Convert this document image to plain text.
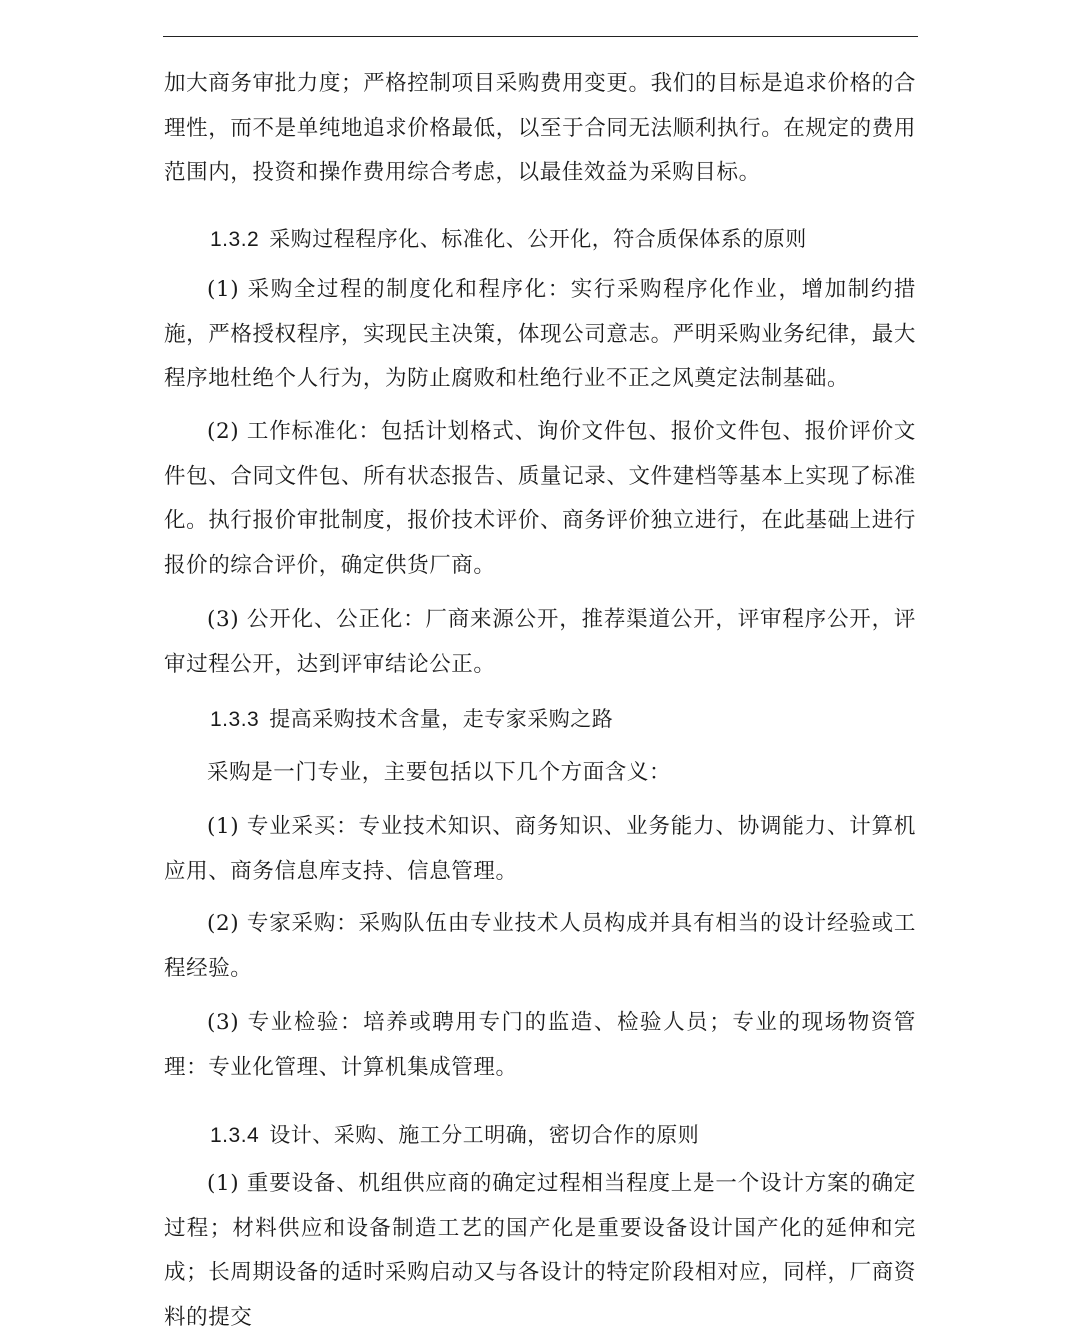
加大商务审批力度；严格控制项目采购费用变更。我们的目标是追求价格的合理性，而不是单纯地追求价格最低，以至于合同无法顺利执行。在规定的费用范围内，投资和操作费用综合考虑，以最佳效益为采购目标。

1.3.2 采购过程程序化、标准化、公开化，符合质保体系的原则

(1) 采购全过程的制度化和程序化：实行采购程序化作业，增加制约措施，严格授权程序，实现民主决策，体现公司意志。严明采购业务纪律，最大程序地杜绝个人行为，为防止腐败和杜绝行业不正之风奠定法制基础。

(2) 工作标准化：包括计划格式、询价文件包、报价文件包、报价评价文件包、合同文件包、所有状态报告、质量记录、文件建档等基本上实现了标准化。执行报价审批制度，报价技术评价、商务评价独立进行，在此基础上进行报价的综合评价，确定供货厂商。

(3) 公开化、公正化：厂商来源公开，推荐渠道公开，评审程序公开，评审过程公开，达到评审结论公正。

1.3.3 提高采购技术含量，走专家采购之路

采购是一门专业，主要包括以下几个方面含义：

(1) 专业采买：专业技术知识、商务知识、业务能力、协调能力、计算机应用、商务信息库支持、信息管理。

(2) 专家采购：采购队伍由专业技术人员构成并具有相当的设计经验或工程经验。

(3) 专业检验：培养或聘用专门的监造、检验人员；专业的现场物资管理：专业化管理、计算机集成管理。

1.3.4 设计、采购、施工分工明确，密切合作的原则

(1) 重要设备、机组供应商的确定过程相当程度上是一个设计方案的确定过程；材料供应和设备制造工艺的国产化是重要设备设计国产化的延伸和完成；长周期设备的适时采购启动又与各设计的特定阶段相对应，同样，厂商资料的提交
